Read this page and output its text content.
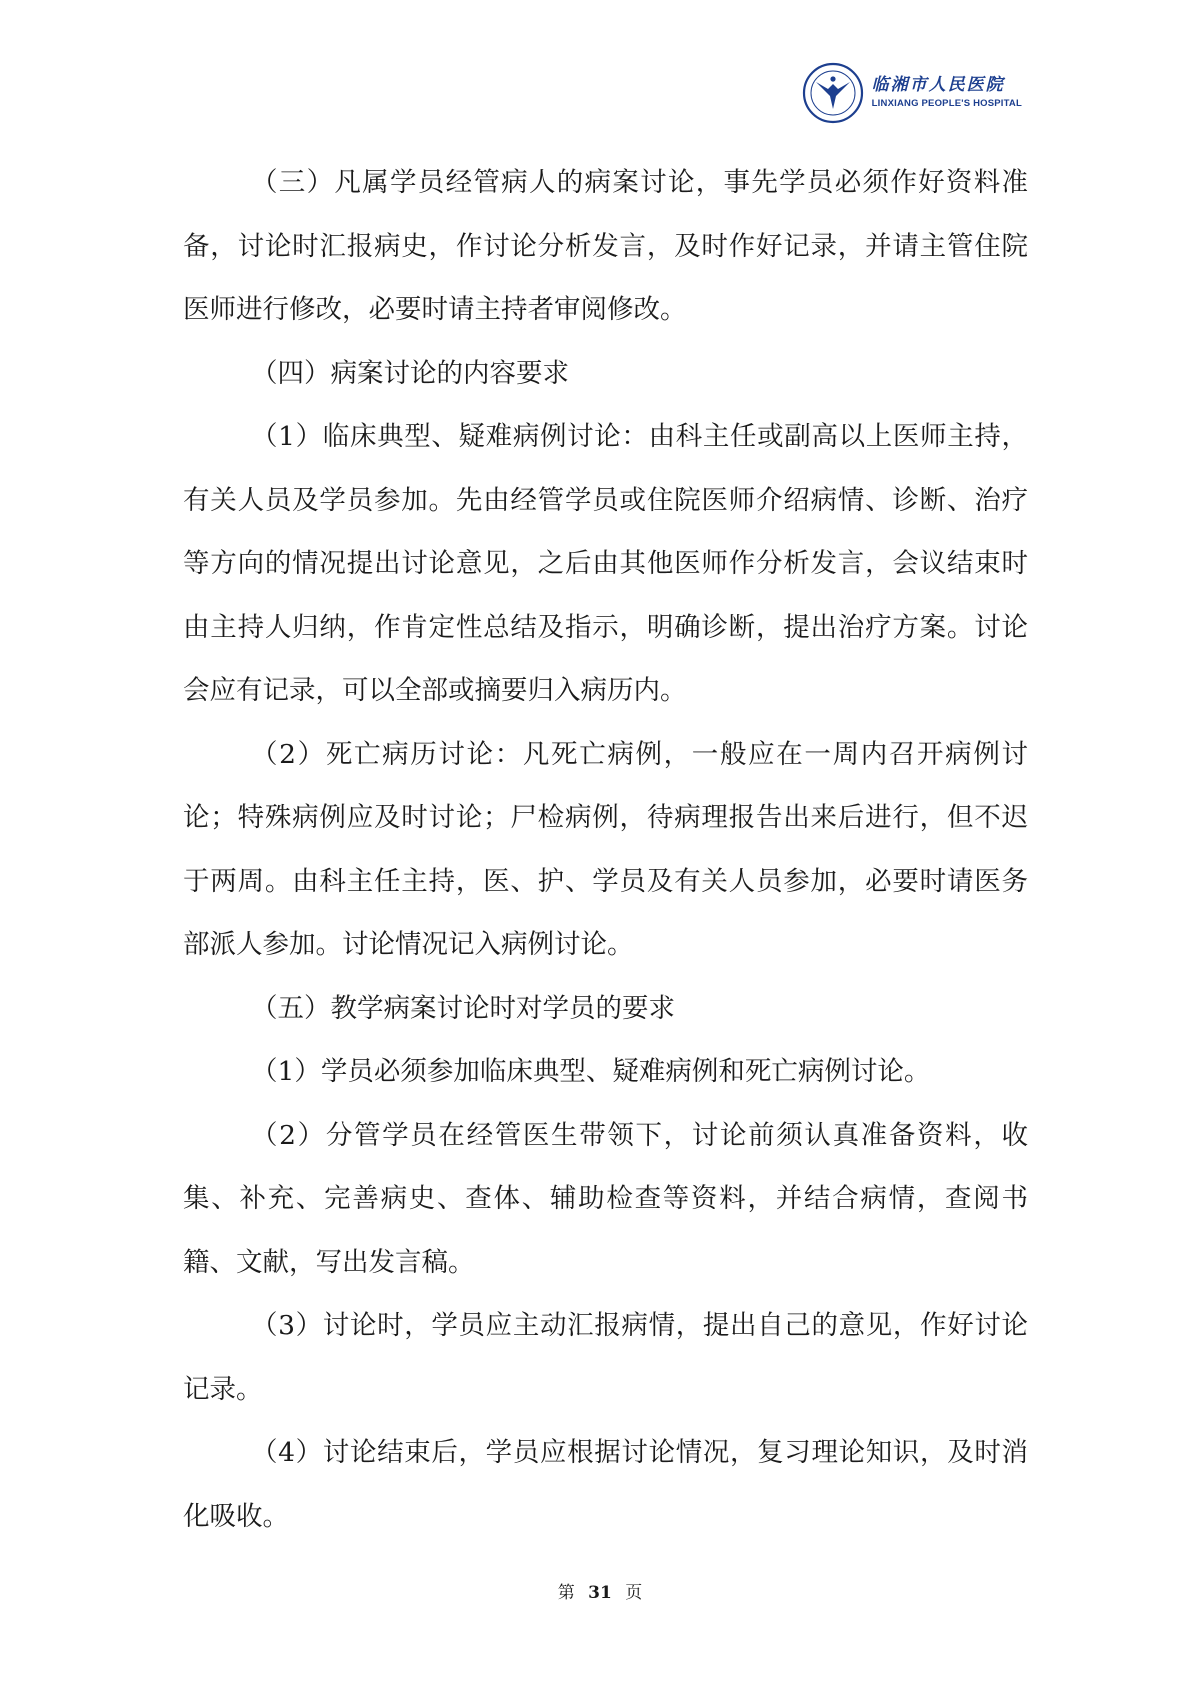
临湘市人民医院
LINXIANG PEOPLE'S HOSPITAL

（三）凡属学员经管病人的病案讨论，事先学员必须作好资料准备，讨论时汇报病史，作讨论分析发言，及时作好记录，并请主管住院医师进行修改，必要时请主持者审阅修改。

（四）病案讨论的内容要求

（1）临床典型、疑难病例讨论：由科主任或副高以上医师主持，有关人员及学员参加。先由经管学员或住院医师介绍病情、诊断、治疗等方向的情况提出讨论意见，之后由其他医师作分析发言，会议结束时由主持人归纳，作肯定性总结及指示，明确诊断，提出治疗方案。讨论会应有记录，可以全部或摘要归入病历内。

（2）死亡病历讨论：凡死亡病例，一般应在一周内召开病例讨论；特殊病例应及时讨论；尸检病例，待病理报告出来后进行，但不迟于两周。由科主任主持，医、护、学员及有关人员参加，必要时请医务部派人参加。讨论情况记入病例讨论。

（五）教学病案讨论时对学员的要求

（1）学员必须参加临床典型、疑难病例和死亡病例讨论。

（2）分管学员在经管医生带领下，讨论前须认真准备资料，收集、补充、完善病史、查体、辅助检查等资料，并结合病情，查阅书籍、文献，写出发言稿。

（3）讨论时，学员应主动汇报病情，提出自己的意见，作好讨论记录。

（4）讨论结束后，学员应根据讨论情况，复习理论知识，及时消化吸收。

第 31 页
